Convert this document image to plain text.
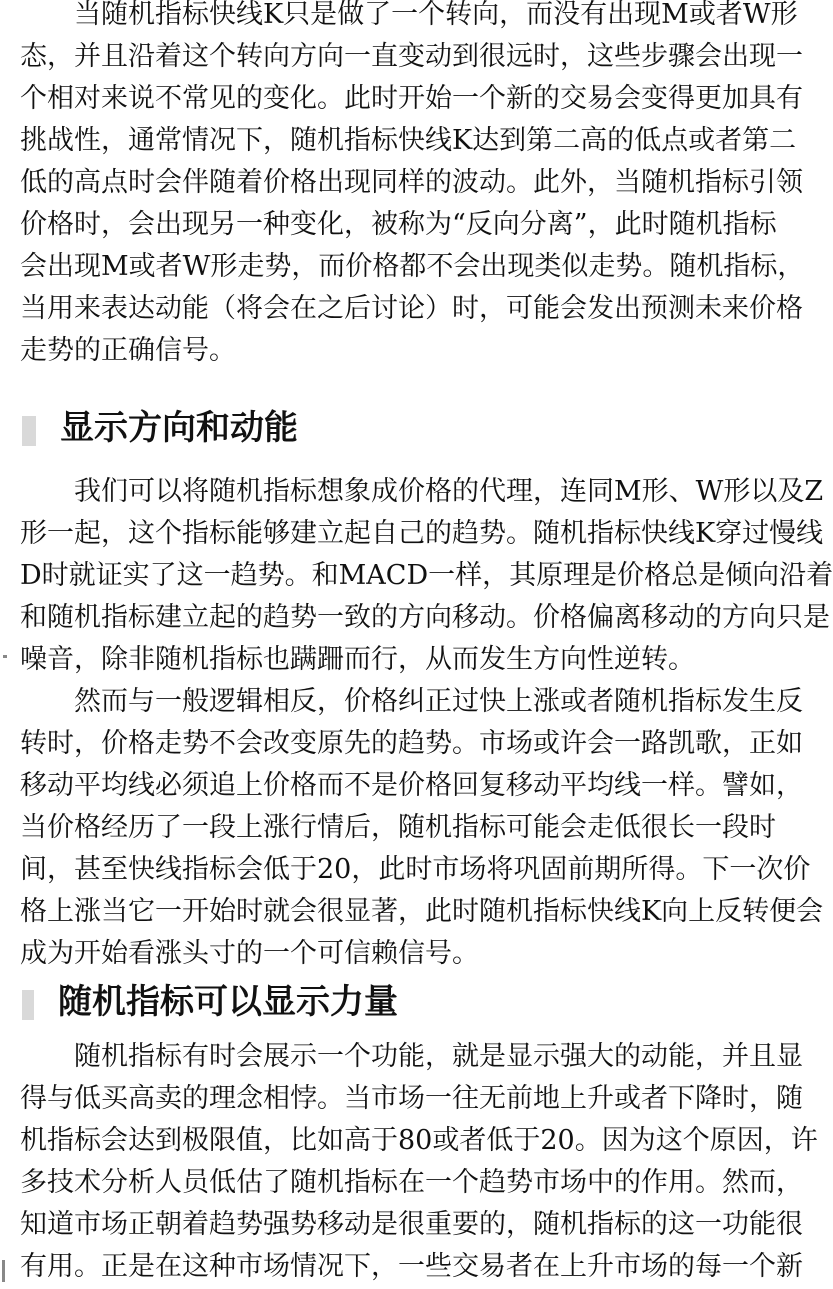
当随机指标快线K只是做了一个转向，而没有出现M或者W形
态，并且沿着这个转向方向一直变动到很远时，这些步骤会出现一
个相对来说不常见的变化。此时开始一个新的交易会变得更加具有
挑战性，通常情况下，随机指标快线K达到第二高的低点或者第二
低的高点时会伴随着价格出现同样的波动。此外，当随机指标引领
价格时，会出现另一种变化，被称为“反向分离”，此时随机指标
会出现M或者W形走势，而价格都不会出现类似走势。随机指标，
当用来表达动能（将会在之后讨论）时，可能会发出预测未来价格
走势的正确信号。
显示方向和动能
我们可以将随机指标想象成价格的代理，连同M形、W形以及Z
形一起，这个指标能够建立起自己的趋势。随机指标快线K穿过慢线
D时就证实了这一趋势。和MACD一样，其原理是价格总是倾向沿着
和随机指标建立起的趋势一致的方向移动。价格偏离移动的方向只是
噪音，除非随机指标也蹒跚而行，从而发生方向性逆转。
然而与一般逻辑相反，价格纠正过快上涨或者随机指标发生反
转时，价格走势不会改变原先的趋势。市场或许会一路凯歌，正如
移动平均线必须追上价格而不是价格回复移动平均线一样。譬如，
当价格经历了一段上涨行情后，随机指标可能会走低很长一段时
间，甚至快线指标会低于20，此时市场将巩固前期所得。下一次价
格上涨当它一开始时就会很显著，此时随机指标快线K向上反转便会
成为开始看涨头寸的一个可信赖信号。
随机指标可以显示力量
随机指标有时会展示一个功能，就是显示强大的动能，并且显
得与低买高卖的理念相悖。当市场一往无前地上升或者下降时，随
机指标会达到极限值，比如高于80或者低于20。因为这个原因，许
多技术分析人员低估了随机指标在一个趋势市场中的作用。然而，
知道市场正朝着趋势强势移动是很重要的，随机指标的这一功能很
有用。正是在这种市场情况下，一些交易者在上升市场的每一个新
